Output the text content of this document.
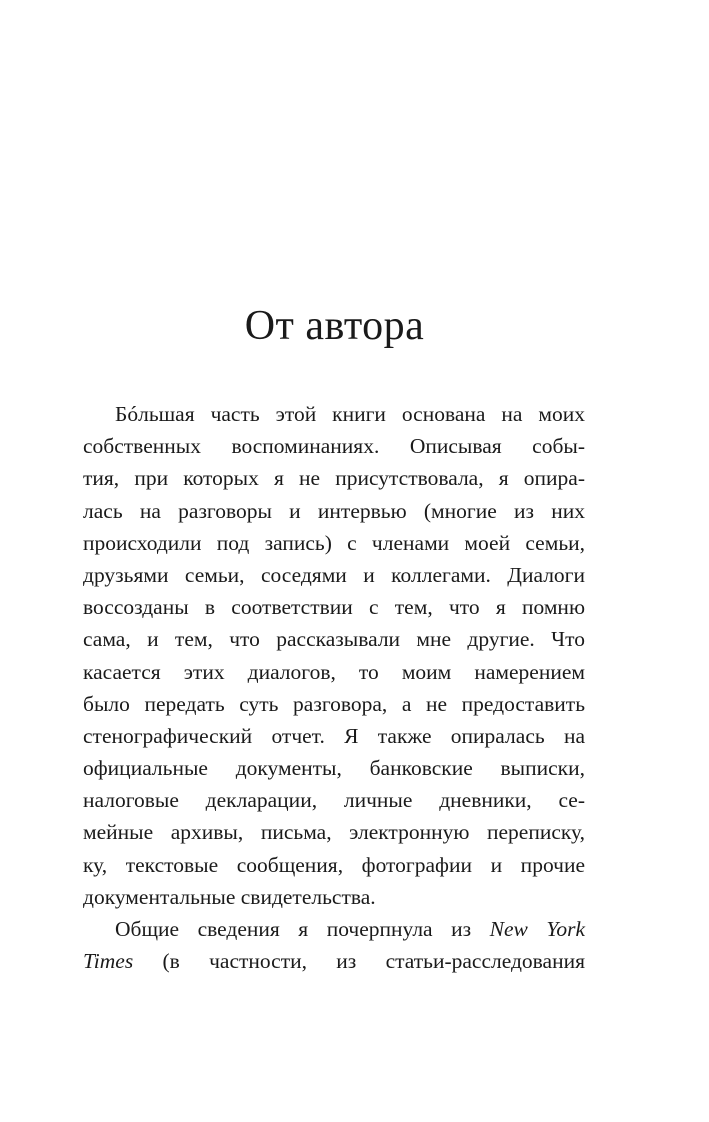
От автора
Бóльшая часть этой книги основана на моих
собственных воспоминаниях. Описывая собы-
тия, при которых я не присутствовала, я опира-
лась на разговоры и интервью (многие из них
происходили под запись) с членами моей семьи,
друзьями семьи, соседями и коллегами. Диалоги
воссозданы в соответствии с тем, что я помню
сама, и тем, что рассказывали мне другие. Что
касается этих диалогов, то моим намерением
было передать суть разговора, а не предоставить
стенографический отчет. Я также опиралась на
официальные документы, банковские выписки,
налоговые декларации, личные дневники, се-
мейные архивы, письма, электронную переписку,
ку, текстовые сообщения, фотографии и прочие
документальные свидетельства.
Общие сведения я почерпнула из New York
Times (в частности, из статьи-расследования
